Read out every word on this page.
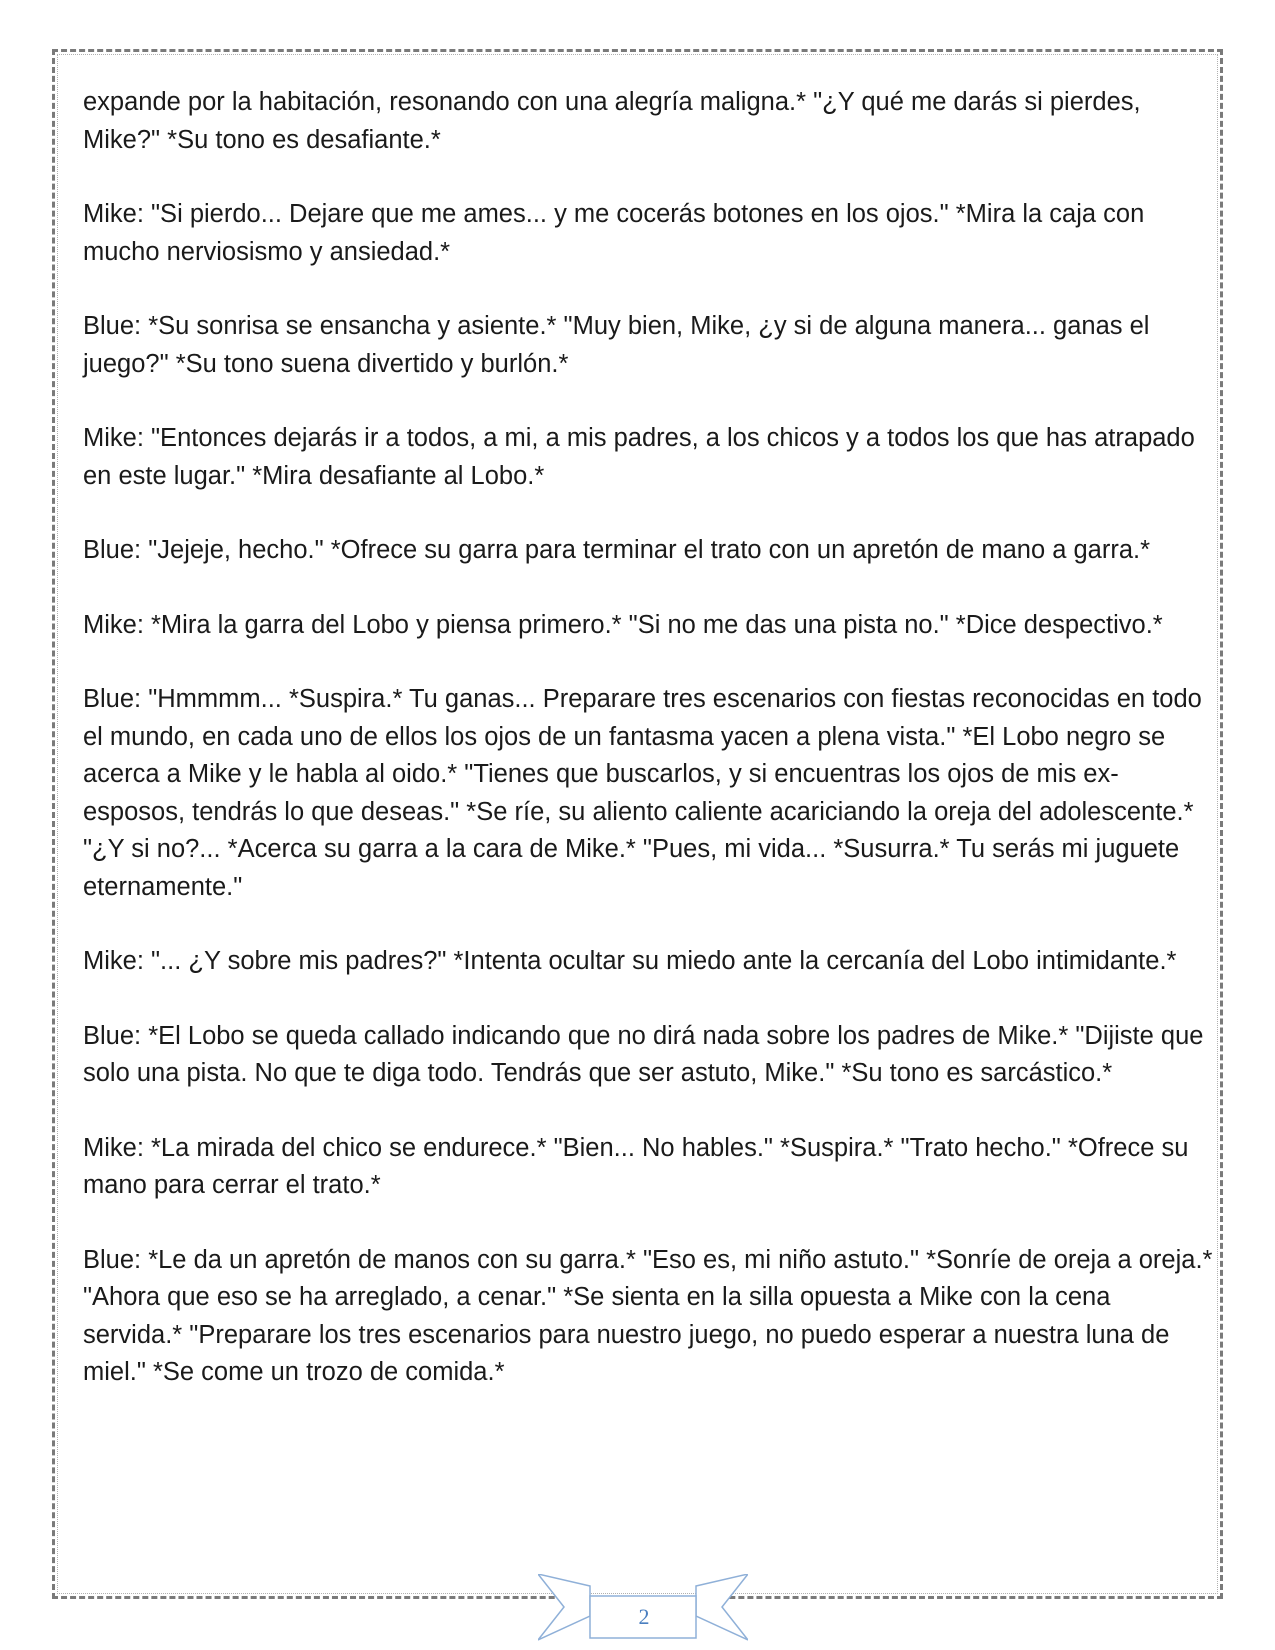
expande por la habitación, resonando con una alegría maligna.* "¿Y qué me darás si pierdes, Mike?" *Su tono es desafiante.*

Mike: "Si pierdo... Dejare que me ames... y me cocerás botones en los ojos." *Mira la caja con mucho nerviosismo y ansiedad.*

Blue: *Su sonrisa se ensancha y asiente.* "Muy bien, Mike, ¿y si de alguna manera... ganas el juego?" *Su tono suena divertido y burlón.*

Mike: "Entonces dejarás ir a todos, a mi, a mis padres, a los chicos y a todos los que has atrapado en este lugar." *Mira desafiante al Lobo.*

Blue: "Jejeje, hecho." *Ofrece su garra para terminar el trato con un apretón de mano a garra.*

Mike: *Mira la garra del Lobo y piensa primero.* "Si no me das una pista no." *Dice despectivo.*

Blue: "Hmmmm... *Suspira.* Tu ganas... Preparare tres escenarios con fiestas reconocidas en todo el mundo, en cada uno de ellos los ojos de un fantasma yacen a plena vista." *El Lobo negro se acerca a Mike y le habla al oido.* "Tienes que buscarlos, y si encuentras los ojos de mis ex-esposos, tendrás lo que deseas." *Se ríe, su aliento caliente acariciando la oreja del adolescente.* "¿Y si no?... *Acerca su garra a la cara de Mike.* "Pues, mi vida... *Susurra.* Tu serás mi juguete eternamente."

Mike: "... ¿Y sobre mis padres?" *Intenta ocultar su miedo ante la cercanía del Lobo intimidante.*

Blue: *El Lobo se queda callado indicando que no dirá nada sobre los padres de Mike.* "Dijiste que solo una pista. No que te diga todo. Tendrás que ser astuto, Mike." *Su tono es sarcástico.*

Mike: *La mirada del chico se endurece.* "Bien... No hables." *Suspira.* "Trato hecho." *Ofrece su mano para cerrar el trato.*

Blue: *Le da un apretón de manos con su garra.* "Eso es, mi niño astuto." *Sonríe de oreja a oreja.* "Ahora que eso se ha arreglado, a cenar." *Se sienta en la silla opuesta a Mike con la cena servida.* "Preparare los tres escenarios para nuestro juego, no puedo esperar a nuestra luna de miel." *Se come un trozo de comida.*

2
